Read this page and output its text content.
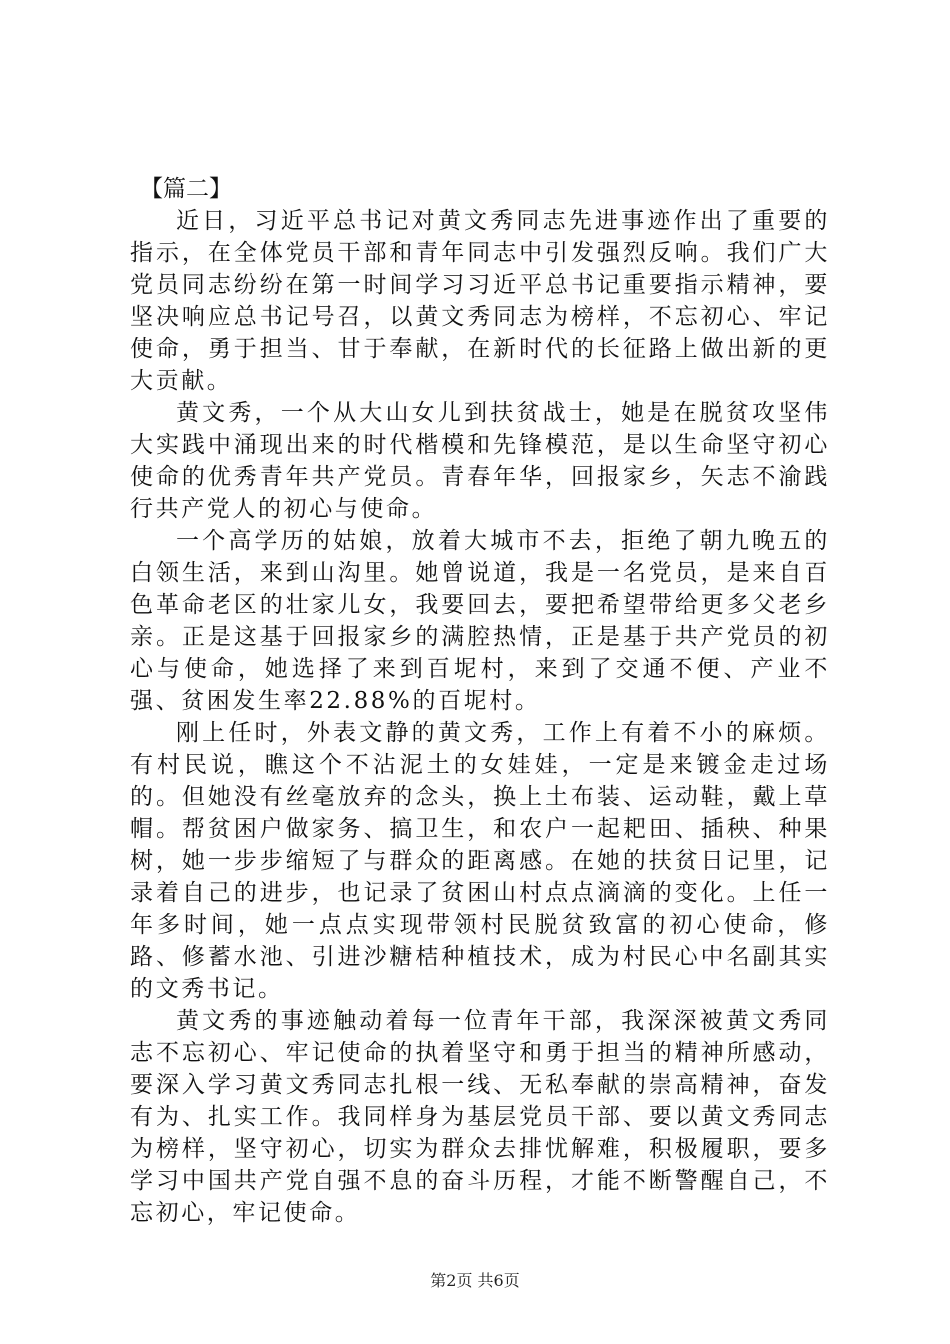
【篇二】

近日，习近平总书记对黄文秀同志先进事迹作出了重要的指示，在全体党员干部和青年同志中引发强烈反响。我们广大党员同志纷纷在第一时间学习习近平总书记重要指示精神，要坚决响应总书记号召，以黄文秀同志为榜样，不忘初心、牢记使命，勇于担当、甘于奉献，在新时代的长征路上做出新的更大贡献。

黄文秀，一个从大山女儿到扶贫战士，她是在脱贫攻坚伟大实践中涌现出来的时代楷模和先锋模范，是以生命坚守初心使命的优秀青年共产党员。青春年华，回报家乡，矢志不渝践行共产党人的初心与使命。

一个高学历的姑娘，放着大城市不去，拒绝了朝九晚五的白领生活，来到山沟里。她曾说道，我是一名党员，是来自百色革命老区的壮家儿女，我要回去，要把希望带给更多父老乡亲。正是这基于回报家乡的满腔热情，正是基于共产党员的初心与使命，她选择了来到百坭村，来到了交通不便、产业不强、贫困发生率22.88%的百坭村。

刚上任时，外表文静的黄文秀，工作上有着不小的麻烦。有村民说，瞧这个不沾泥土的女娃娃，一定是来镀金走过场的。但她没有丝毫放弃的念头，换上土布装、运动鞋，戴上草帽。帮贫困户做家务、搞卫生，和农户一起耙田、插秧、种果树，她一步步缩短了与群众的距离感。在她的扶贫日记里，记录着自己的进步，也记录了贫困山村点点滴滴的变化。上任一年多时间，她一点点实现带领村民脱贫致富的初心使命，修路、修蓄水池、引进沙糖桔种植技术，成为村民心中名副其实的文秀书记。

黄文秀的事迹触动着每一位青年干部，我深深被黄文秀同志不忘初心、牢记使命的执着坚守和勇于担当的精神所感动，要深入学习黄文秀同志扎根一线、无私奉献的崇高精神，奋发有为、扎实工作。我同样身为基层党员干部、要以黄文秀同志为榜样，坚守初心，切实为群众去排忧解难，积极履职，要多学习中国共产党自强不息的奋斗历程，才能不断警醒自己，不忘初心，牢记使命。

第2页 共6页
